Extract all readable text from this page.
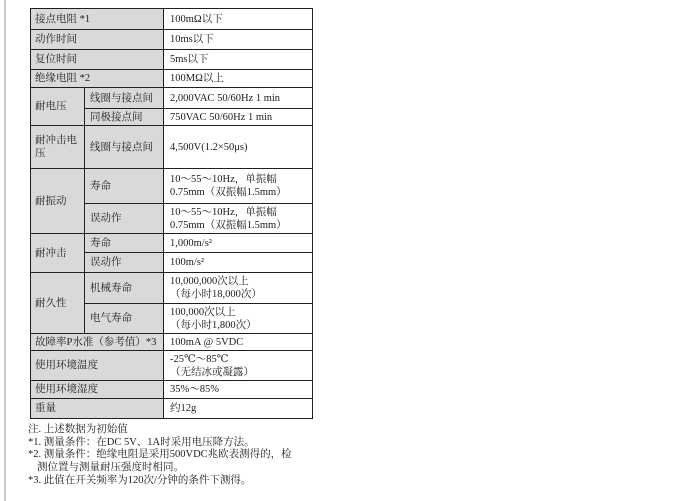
接点电阻 *1		100mΩ以下
动作时间		10ms以下
复位时间		5ms以下
绝缘电阻 *2		100MΩ以上
耐电压	线圈与接点间	2,000VAC 50/60Hz 1 min
	同极接点间	750VAC 50/60Hz 1 min
耐冲击电压	线圈与接点间	4,500V(1.2×50μs)
耐振动	寿命	10～55～10Hz，单振幅
0.75mm（双振幅1.5mm）

	误动作	10～55～10Hz，单振幅
0.75mm（双振幅1.5mm）

耐冲击	寿命	1,000m/s²
	误动作	100m/s²
耐久性	机械寿命	10,000,000次以上
（每小时18,000次）

	电气寿命	100,000次以上
（每小时1,800次）

故障率P水准（参考值）*3		100mA @ 5VDC
使用环境温度		-25℃～85℃
（无结冰或凝露）

使用环境湿度		35%～85%
重量		约12g
注. 上述数据为初始值
*1. 测量条件：在DC 5V、1A时采用电压降方法。
*2. 测量条件：绝缘电阻是采用500VDC兆欧表测得的，检测位置与测量耐压强度时相同。
*3. 此值在开关频率为120次/分钟的条件下测得。
